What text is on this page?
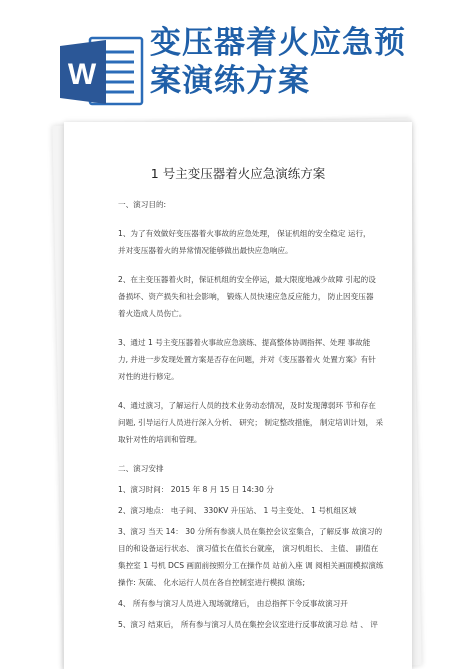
W
变压器着火应急预
案演练方案
1 号主变压器着火应急演练方案
一、演习目的:
1、为了有效做好变压器着火事故的应急处理， 保证机组的安全稳定 运行，
并对变压器着火的异常情况能够做出最快应急响应。
2、在主变压器着火时，保证机组的安全停运，最大限度地减少故障 引起的设
备损坏、资产损失和社会影响， 锻炼人员快速应急反应能力， 防止因变压器
着火造成人员伤亡。
3、通过 1 号主变压器着火事故应急演练、提高整体协调指挥、处理 事故能
力, 并进一步发现处置方案是否存在问题，并对《变压器着火 处置方案》有针
对性的进行修定。
4、通过演习，了解运行人员的技术业务动态情况，及时发现薄弱环 节和存在
问题, 引导运行人员进行深入分析、 研究； 制定整改措施， 制定培训计划， 采
取针对性的培训和管理。
二、演习安排
1、演习时间： 2015 年 8 月 15 日 14:30 分
2、演习地点： 电子间、 330KV 升压站、 1 号主变处、 1 号机组区域
3、演习 当天 14： 30 分所有参演人员在集控会议室集合，了解反事 故演习的
目的和设备运行状态、 演习值长在值长台就座， 演习机组长、 主值、 副值在
集控室 1 号机 DCS 画面前按照分工在操作员 站前入座 调 阅相关画面模拟演练
操作: 灰硫、 化水运行人员在各自控制室进行模拟 演练;
4、 所有参与演习人员进入现场就绪后， 由总指挥下令反事故演习开
5、演习 结束后， 所有参与演习人员在集控会议室进行反事故演习总 结 、 评
